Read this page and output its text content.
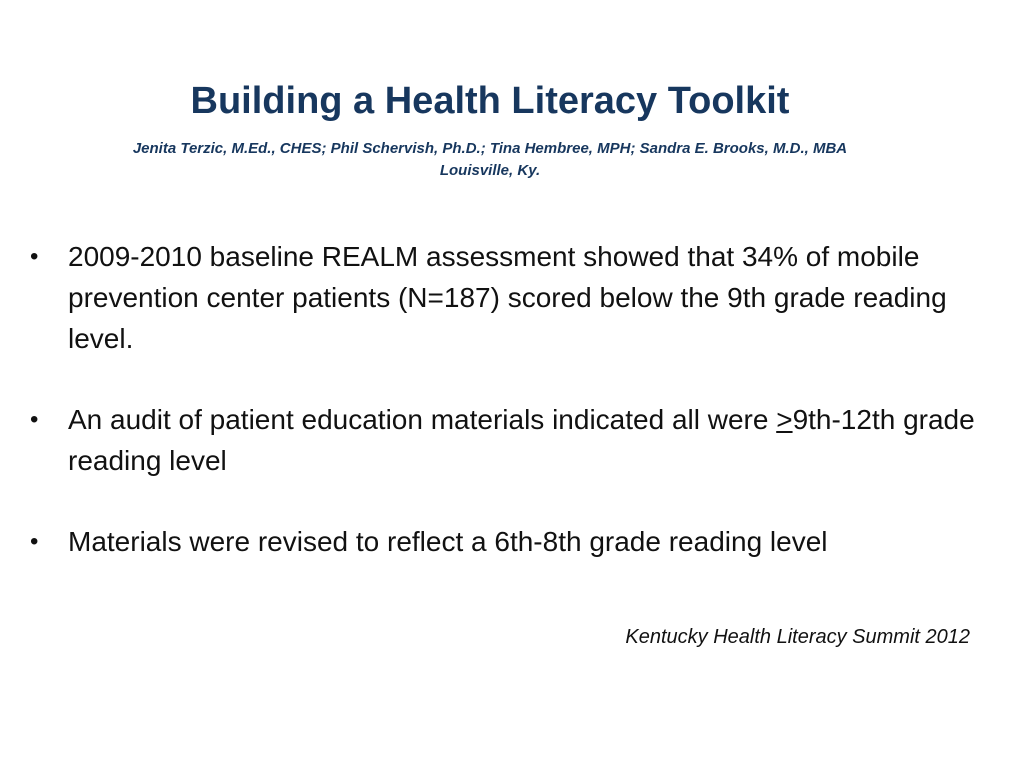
Building a Health Literacy Toolkit
Jenita Terzic, M.Ed., CHES; Phil Schervish, Ph.D.; Tina Hembree, MPH; Sandra E. Brooks, M.D., MBA
Louisville, Ky.
•	2009-2010 baseline REALM assessment showed that 34% of mobile prevention center patients (N=187) scored below the 9th grade reading level.
•	An audit of patient education materials indicated all were >9th-12th grade reading level
•	Materials were revised to reflect a 6th-8th grade reading level
Kentucky Health Literacy Summit 2012
